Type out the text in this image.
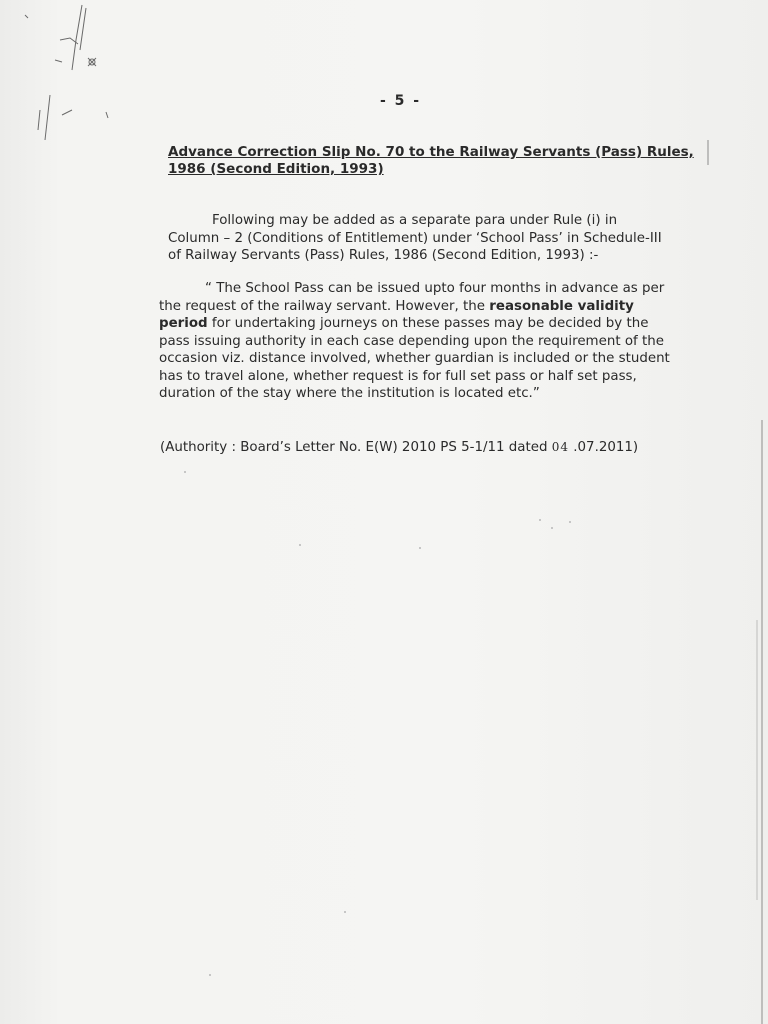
- 5 -
Advance Correction Slip No. 70 to the Railway Servants (Pass) Rules,
1986 (Second Edition, 1993)
Following may be added as a separate para under Rule (i) in
Column – 2 (Conditions of Entitlement) under ‘School Pass’ in Schedule-III
of Railway Servants (Pass) Rules, 1986 (Second Edition, 1993) :-
“ The School Pass can be issued upto four months in advance as per
the request of the railway servant. However, the reasonable validity
period for undertaking journeys on these passes may be decided by the
pass issuing authority in each case depending upon the requirement of the
occasion viz. distance involved, whether guardian is included or the student
has to travel alone, whether request is for full set pass or half set pass,
duration of the stay where the institution is located etc.”
(Authority : Board’s Letter No. E(W) 2010 PS 5-1/11 dated 04 .07.2011)
